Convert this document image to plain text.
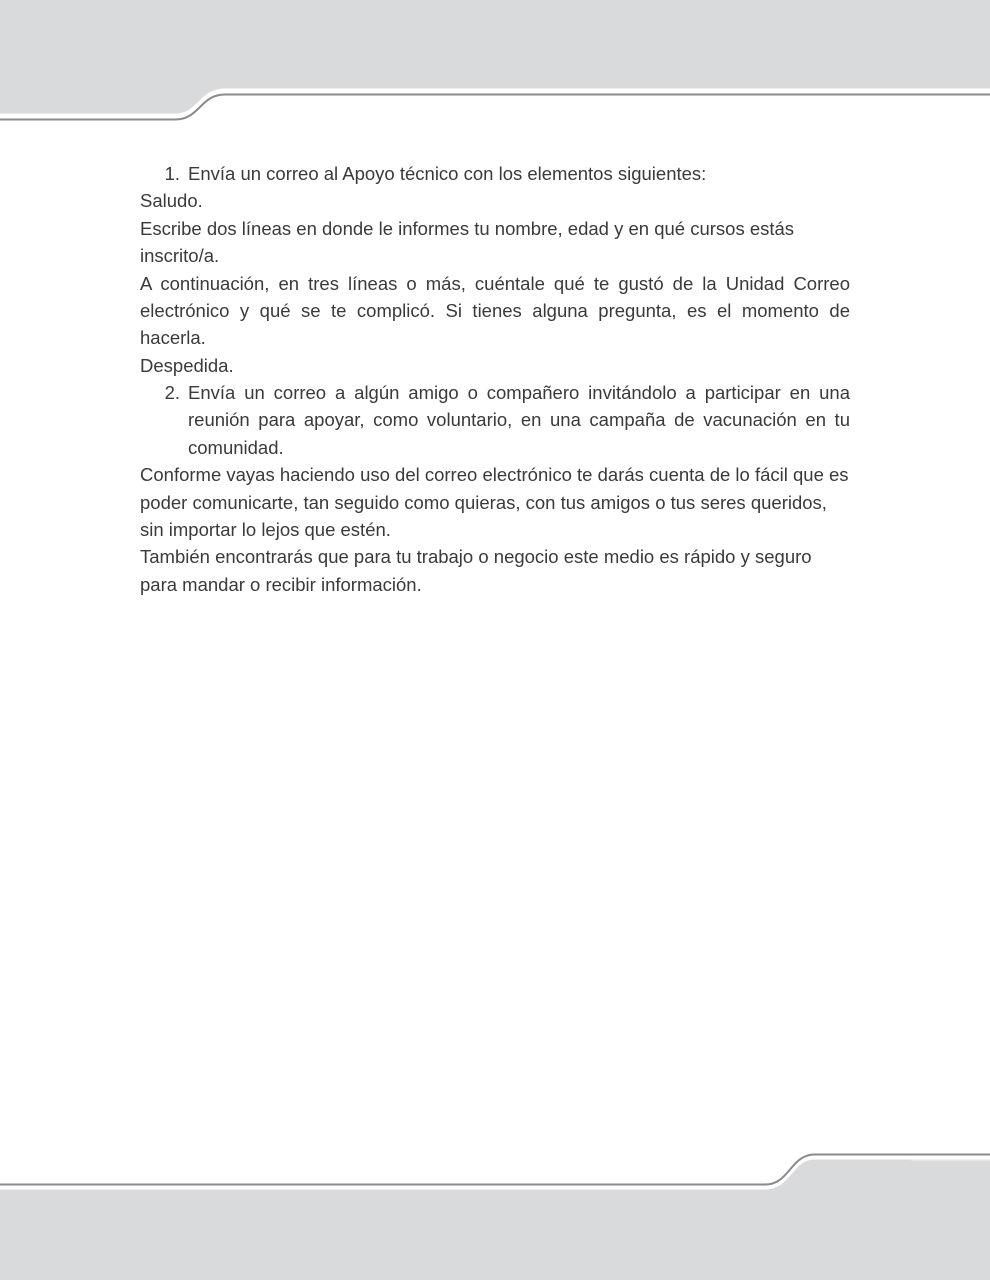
1. Envía un correo al Apoyo técnico con los elementos siguientes:

Saludo.

Escribe dos líneas en donde le informes tu nombre, edad y en qué cursos estás inscrito/a.

A continuación, en tres líneas o más, cuéntale qué te gustó de la Unidad Correo electrónico y qué se te complicó. Si tienes alguna pregunta, es el momento de hacerla.

Despedida.

2. Envía un correo a algún amigo o compañero invitándolo a participar en una reunión para apoyar, como voluntario, en una campaña de vacunación en tu comunidad.

Conforme vayas haciendo uso del correo electrónico te darás cuenta de lo fácil que es poder comunicarte, tan seguido como quieras, con tus amigos o tus seres queridos, sin importar lo lejos que estén.

También encontrarás que para tu trabajo o negocio este medio es rápido y seguro para mandar o recibir información.
